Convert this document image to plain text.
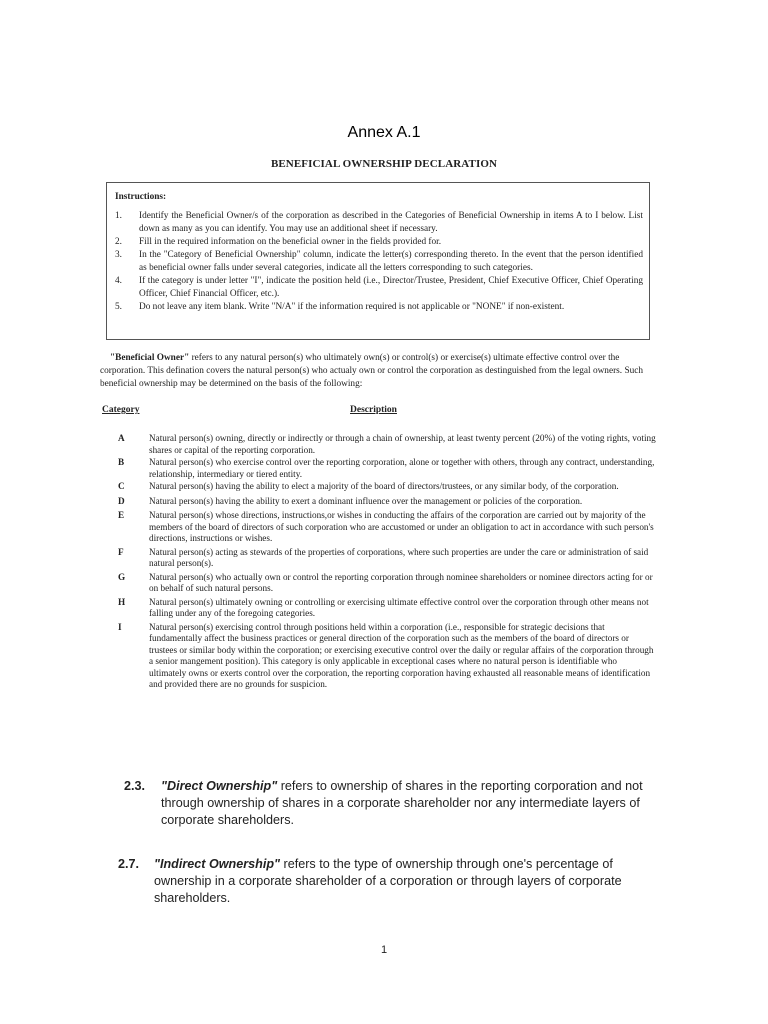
Annex A.1
BENEFICIAL OWNERSHIP DECLARATION
Instructions:
1.	Identify the Beneficial Owner/s of the corporation as described in the Categories of Beneficial Ownership in items A to I below. List down as many as you can identify. You may use an additional sheet if necessary.
2.	Fill in the required information on the beneficial owner in the fields provided for.
3.	In the "Category of Beneficial Ownership" column, indicate the letter(s) corresponding thereto. In the event that the person identified as beneficial owner falls under several categories, indicate all the letters corresponding to such categories.
4.	If the category is under letter "I", indicate the position held (i.e., Director/Trustee, President, Chief Executive Officer, Chief Operating Officer, Chief Financial Officer, etc.).
5.	Do not leave any item blank. Write "N/A" if the information required is not applicable or "NONE" if non-existent.
"Beneficial Owner" refers to any natural person(s) who ultimately own(s) or control(s) or exercise(s) ultimate effective control over the corporation. This defination covers the natural person(s) who actualy own or control the corporation as destinguished from the legal owners. Such beneficial ownership may be determined on the basis of the following:
Category	Description
A	Natural person(s) owning, directly or indirectly or through a chain of ownership, at least twenty percent (20%) of the voting rights, voting shares or capital of the reporting corporation.
B	Natural person(s) who exercise control over the reporting corporation, alone or together with others, through any contract, understanding, relationship, intermediary or tiered entity.
C	Natural person(s) having the ability to elect a majority of the board of directors/trustees, or any similar body, of the corporation.
D	Natural person(s) having the ability to exert a dominant influence over the management or policies of the corporation.
E	Natural person(s) whose directions, instructions,or wishes in conducting the affairs of the corporation are carried out by majority of the members of the board of directors of such corporation who are accustomed or under an obligation to act in accordance with such person's directions, instructions or wishes.
F	Natural person(s) acting as stewards of the properties of corporations, where such properties are under the care or administration of said natural person(s).
G	Natural person(s) who actually own or control the reporting corporation through nominee shareholders or nominee directors acting for or on behalf of such natural persons.
H	Natural person(s) ultimately owning or controlling or exercising ultimate effective control over the corporation through other means not falling under any of the foregoing categories.
I	Natural person(s) exercising control through positions held within a corporation (i.e., responsible for strategic decisions that fundamentally affect the business practices or general direction of the corporation such as the members of the board of directors or trustees or similar body within the corporation; or exercising executive control over the daily or regular affairs of the corporation through a senior mangement position). This category is only applicable in exceptional cases where no natural person is identifiable who ultimately owns or exerts control over the corporation, the reporting corporation having exhausted all reasonable means of identification and provided there are no grounds for suspicion.
2.3.	"Direct Ownership" refers to ownership of shares in the reporting corporation and not through ownership of shares in a corporate shareholder nor any intermediate layers of corporate shareholders.
2.7.	"Indirect Ownership" refers to the type of ownership through one's percentage of ownership in a corporate shareholder of a corporation or through layers of corporate shareholders.
1
